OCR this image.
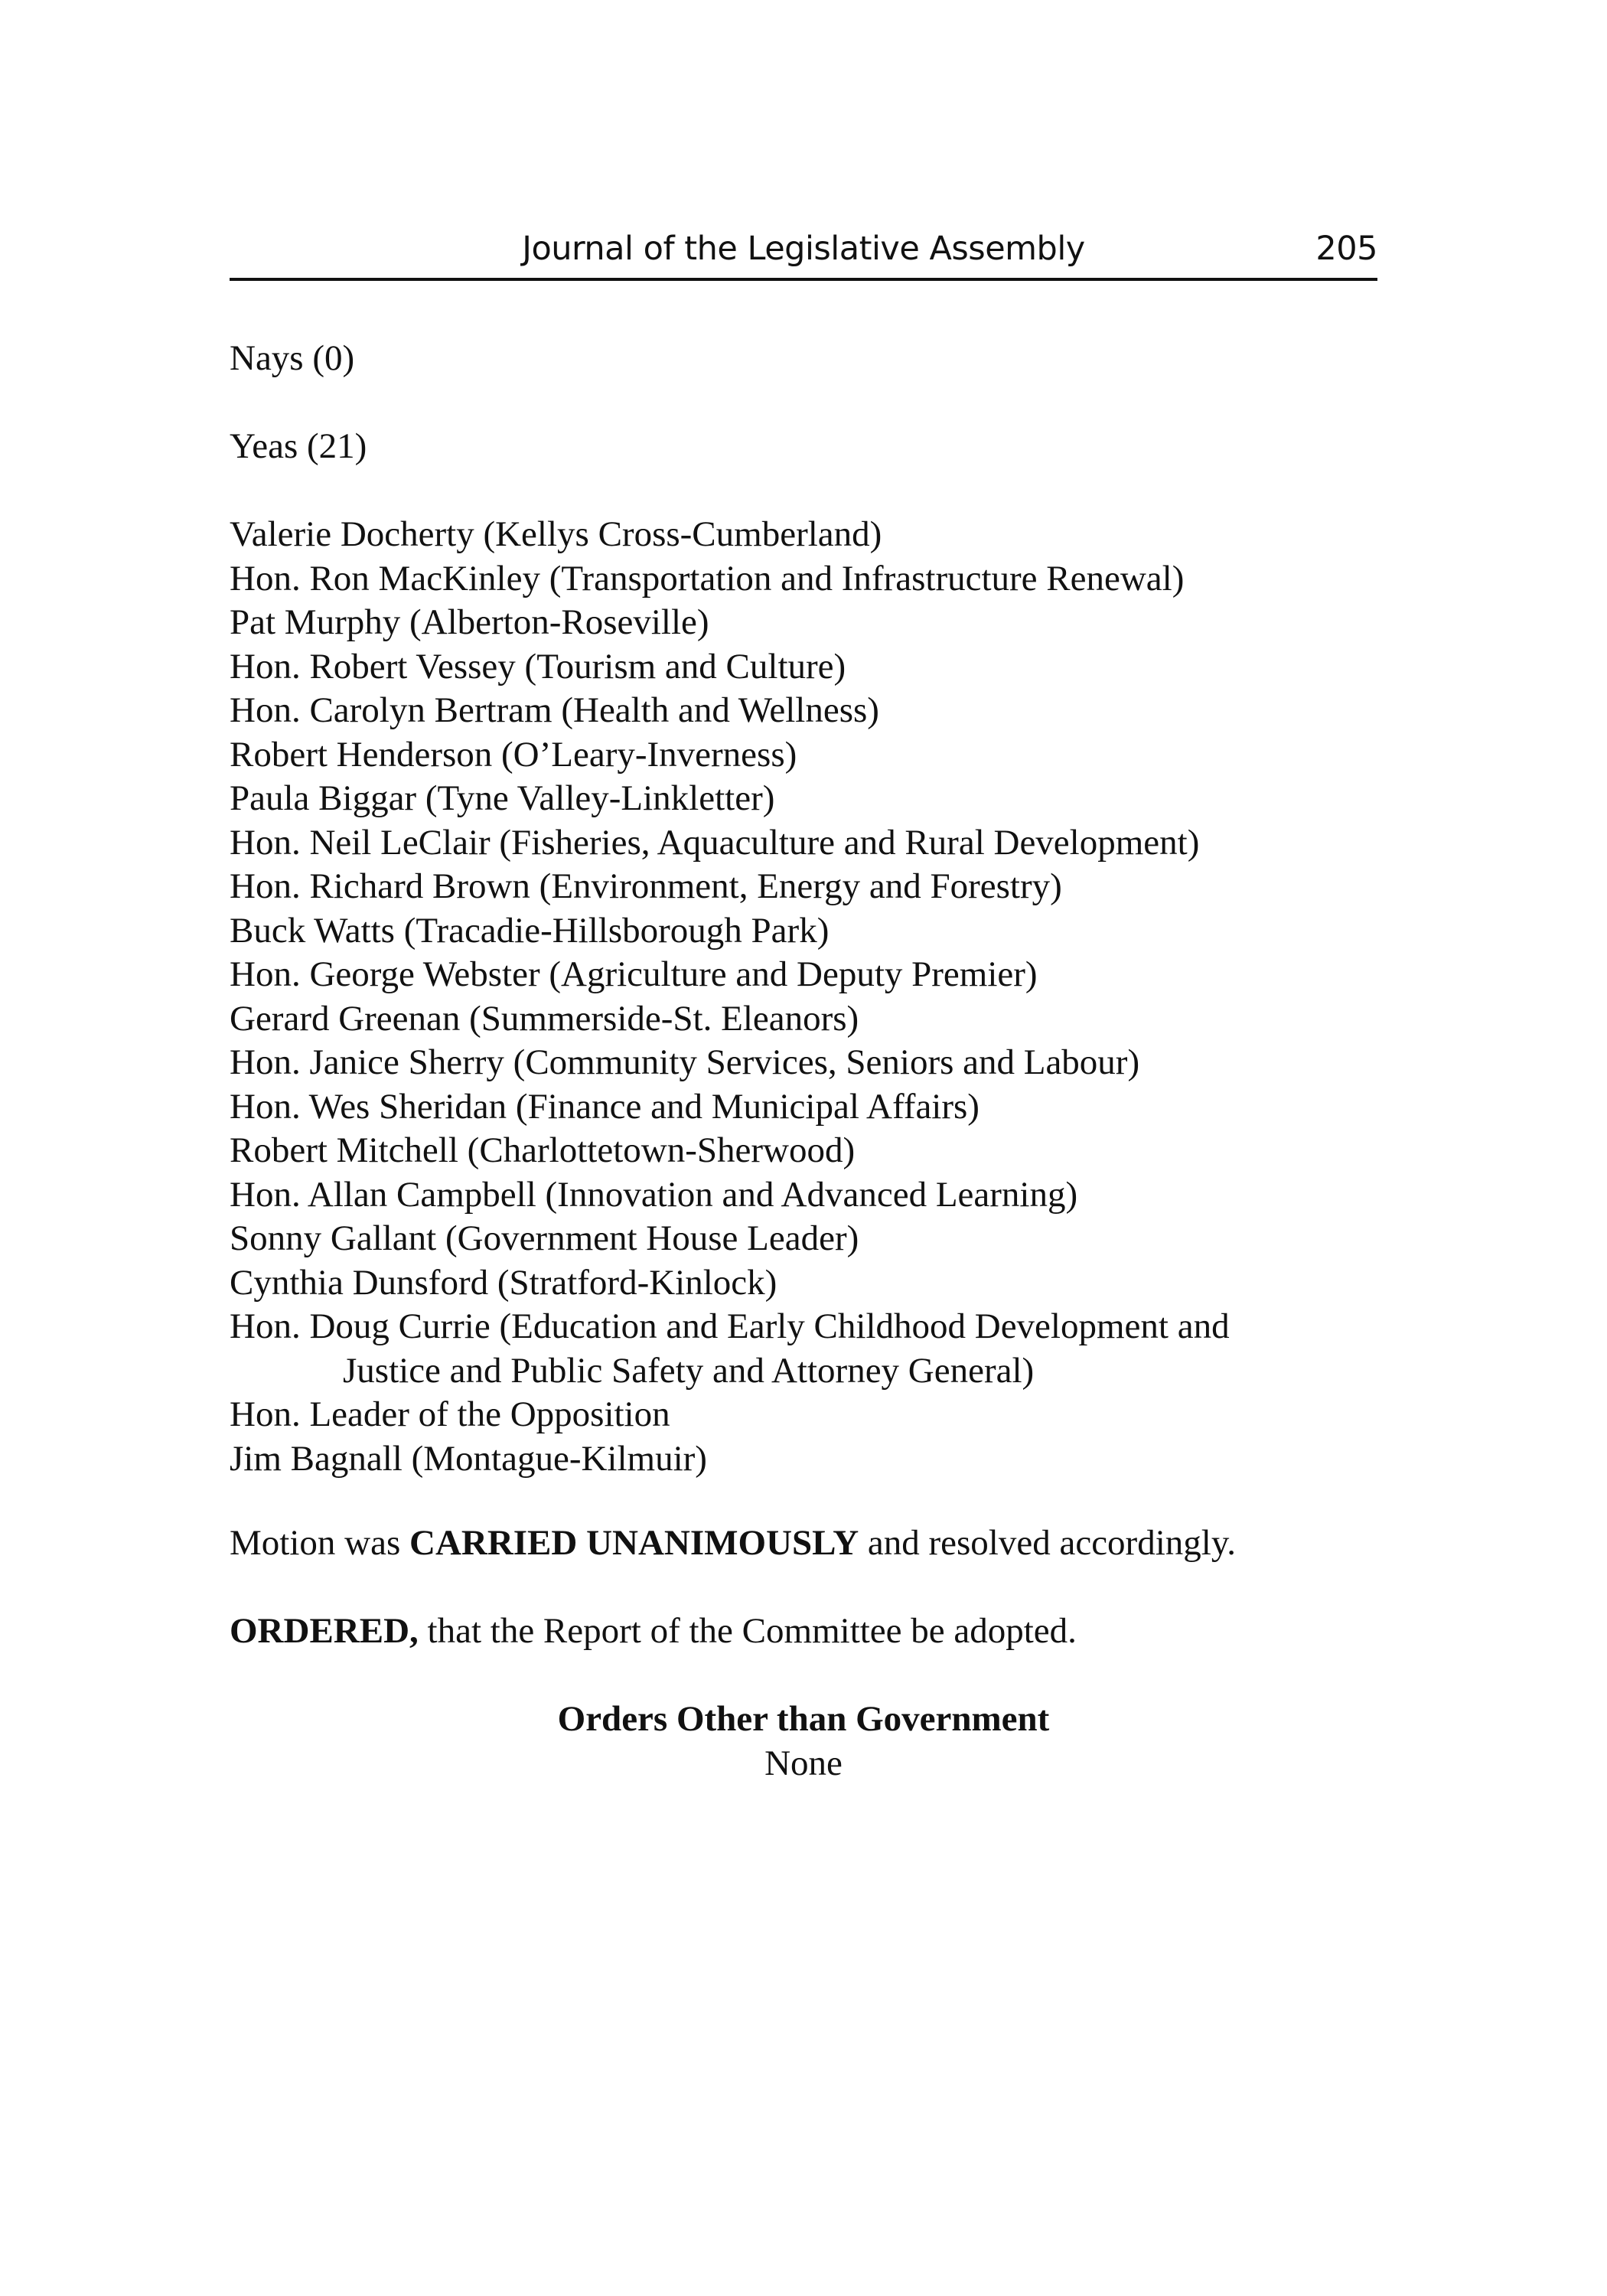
Journal of the Legislative Assembly	205
Nays (0)
Yeas (21)
Valerie Docherty (Kellys Cross-Cumberland)
Hon. Ron MacKinley (Transportation and Infrastructure Renewal)
Pat Murphy (Alberton-Roseville)
Hon. Robert Vessey (Tourism and Culture)
Hon. Carolyn Bertram (Health and Wellness)
Robert Henderson (O’Leary-Inverness)
Paula Biggar (Tyne Valley-Linkletter)
Hon. Neil LeClair (Fisheries, Aquaculture and Rural Development)
Hon. Richard Brown (Environment, Energy and Forestry)
Buck Watts (Tracadie-Hillsborough Park)
Hon. George Webster (Agriculture and Deputy Premier)
Gerard Greenan (Summerside-St. Eleanors)
Hon. Janice Sherry (Community Services, Seniors and Labour)
Hon. Wes Sheridan (Finance and Municipal Affairs)
Robert Mitchell (Charlottetown-Sherwood)
Hon. Allan Campbell (Innovation and Advanced Learning)
Sonny Gallant (Government House Leader)
Cynthia Dunsford (Stratford-Kinlock)
Hon. Doug Currie (Education and Early Childhood Development and
Justice and Public Safety and Attorney General)
Hon. Leader of the Opposition
Jim Bagnall (Montague-Kilmuir)
Motion was CARRIED UNANIMOUSLY and resolved accordingly.
ORDERED, that the Report of the Committee be adopted.
Orders Other than Government
None
